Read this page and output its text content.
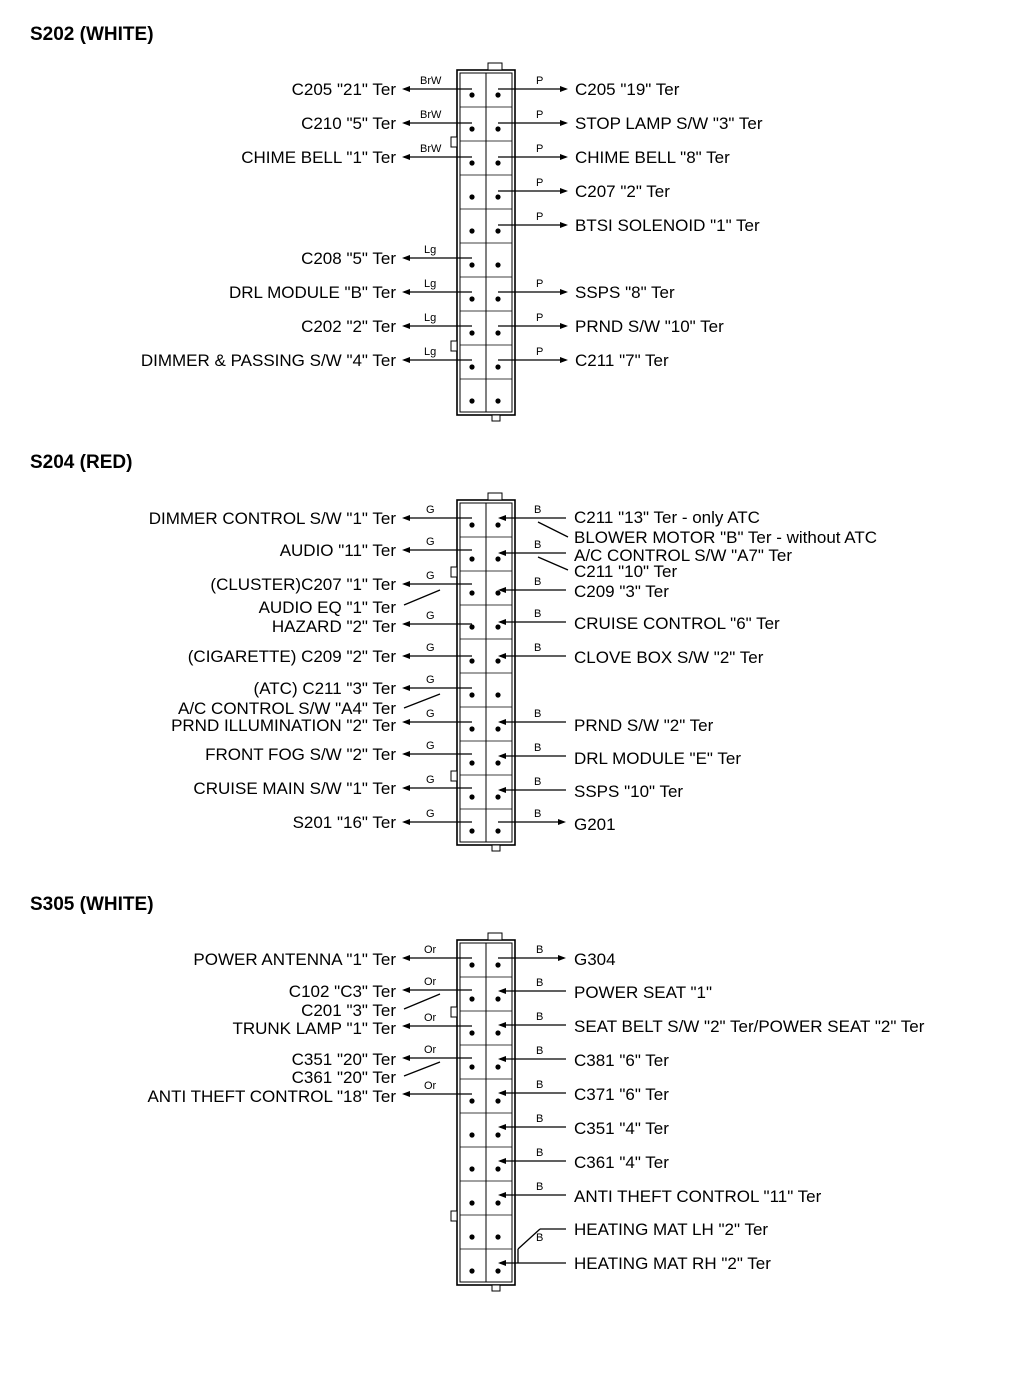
S202 (WHITE)
BrW
C205 "21" Ter
BrW
C210 "5" Ter
BrW
CHIME BELL "1" Ter
Lg
C208 "5" Ter
Lg
DRL MODULE "B" Ter
Lg
C202 "2" Ter
Lg
DIMMER & PASSING S/W "4" Ter
P C205 "19" Ter
P STOP LAMP S/W "3" Ter
P CHIME BELL "8" Ter
P C207 "2" Ter
P BTSI SOLENOID "1" Ter
P SSPS "8" Ter
P PRND S/W "10" Ter
P C211 "7" Ter
S204 (RED)
G
DIMMER CONTROL S/W "1" Ter
G
AUDIO "11" Ter
G
(CLUSTER)C207 "1" Ter
AUDIO EQ "1" Ter	G
HAZARD "2" Ter
G
(CIGARETTE) C209 "2" Ter
G
(ATC) C211 "3" Ter
A/C CONTROL S/W "A4" Ter	G
PRND ILLUMINATION "2" Ter
G
FRONT FOG S/W "2" Ter
G
CRUISE MAIN S/W "1" Ter
G
S201 "16" Ter
B C211 "13" Ter - only ATC
BLOWER MOTOR "B" Ter - without ATC
B
A/C CONTROL S/W "A7" Ter
C211 "10" Ter
B C209 "3" Ter
B CRUISE CONTROL "6" Ter
B CLOVE BOX S/W "2" Ter
B
PRND S/W "2" Ter
B
DRL MODULE "E" Ter
B SSPS "10" Ter
B
G201
S305 (WHITE)
Or
POWER ANTENNA "1" Ter
Or
C102 "C3" Ter
C201 "3" Ter	Or
TRUNK LAMP "1" Ter
Or
C351 "20" Ter
C361 "20" Ter	Or
ANTI THEFT CONTROL "18" Ter
B G304
B POWER SEAT "1"
B SEAT BELT S/W "2" Ter/POWER SEAT "2" Ter
B C381 "6" Ter
B C371 "6" Ter
B C351 "4" Ter
B C361 "4" Ter
B ANTI THEFT CONTROL "11" Ter
B HEATING MAT LH "2" Ter
HEATING MAT RH "2" Ter
